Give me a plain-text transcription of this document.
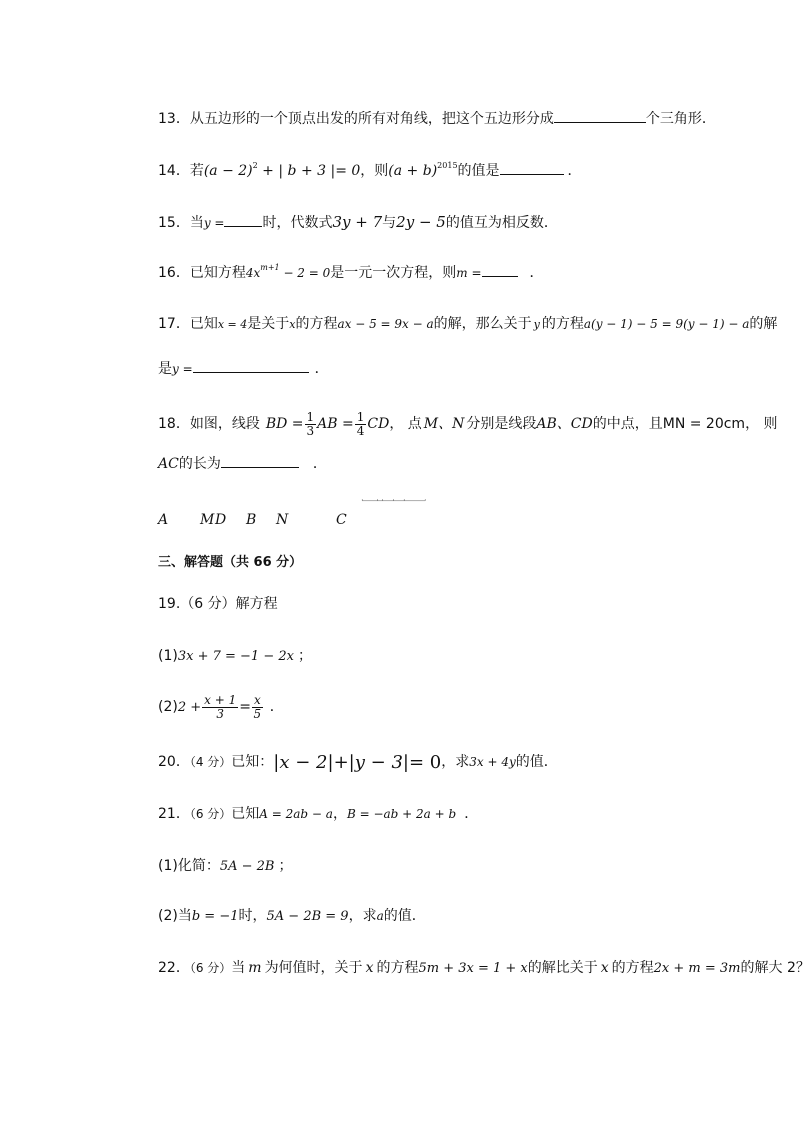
13．从五边形的一个顶点出发的所有对角线，把这个五边形分成	个三角形．
14．若$(a - 2)^2$ + | b + 3 |= 0，则$(a + b)^{2015}$的值是	．
15．当y =	时，代数式3y + 7与2y − 5的值互为相反数．
16．已知方程$4x^{m+1} - 2 = 0$是一元一次方程，则m =	．
17．已知x = 4是关于x的方程ax − 5 = 9x − a的解，那么关于 y 的方程a(y − 1) − 5 = 9(y − 1) − a的解
是y =	．
18．如图，线段 BD = $\frac{1}{3}$ AB = $\frac{1}{4}$ CD， 点 M、N 分别是线段AB、CD的中点，且MN = 20cm， 则
AC的长为	．
A M D B N	C
三、解答题（共 66 分）
19.（6 分）解方程
(1)3x + 7 = −1 − 2x ；
$(2)2 + \frac{x + 1}{3} = \frac{x}{5}$ ．
20．（4 分）已知：|x − 2|+|y − 3|= 0，求3x + 4y的值．
21．（6 分）已知A = 2ab − a，B = −ab + 2a + b ．
(1)化简：5A − 2B ；
(2)当b = −1时，5A − 2B = 9，求a的值．
22．（6 分）当 m 为何值时，关于 x 的方程5m + 3x = 1 + x的解比关于 x 的方程2x + m = 3m的解大 2？
